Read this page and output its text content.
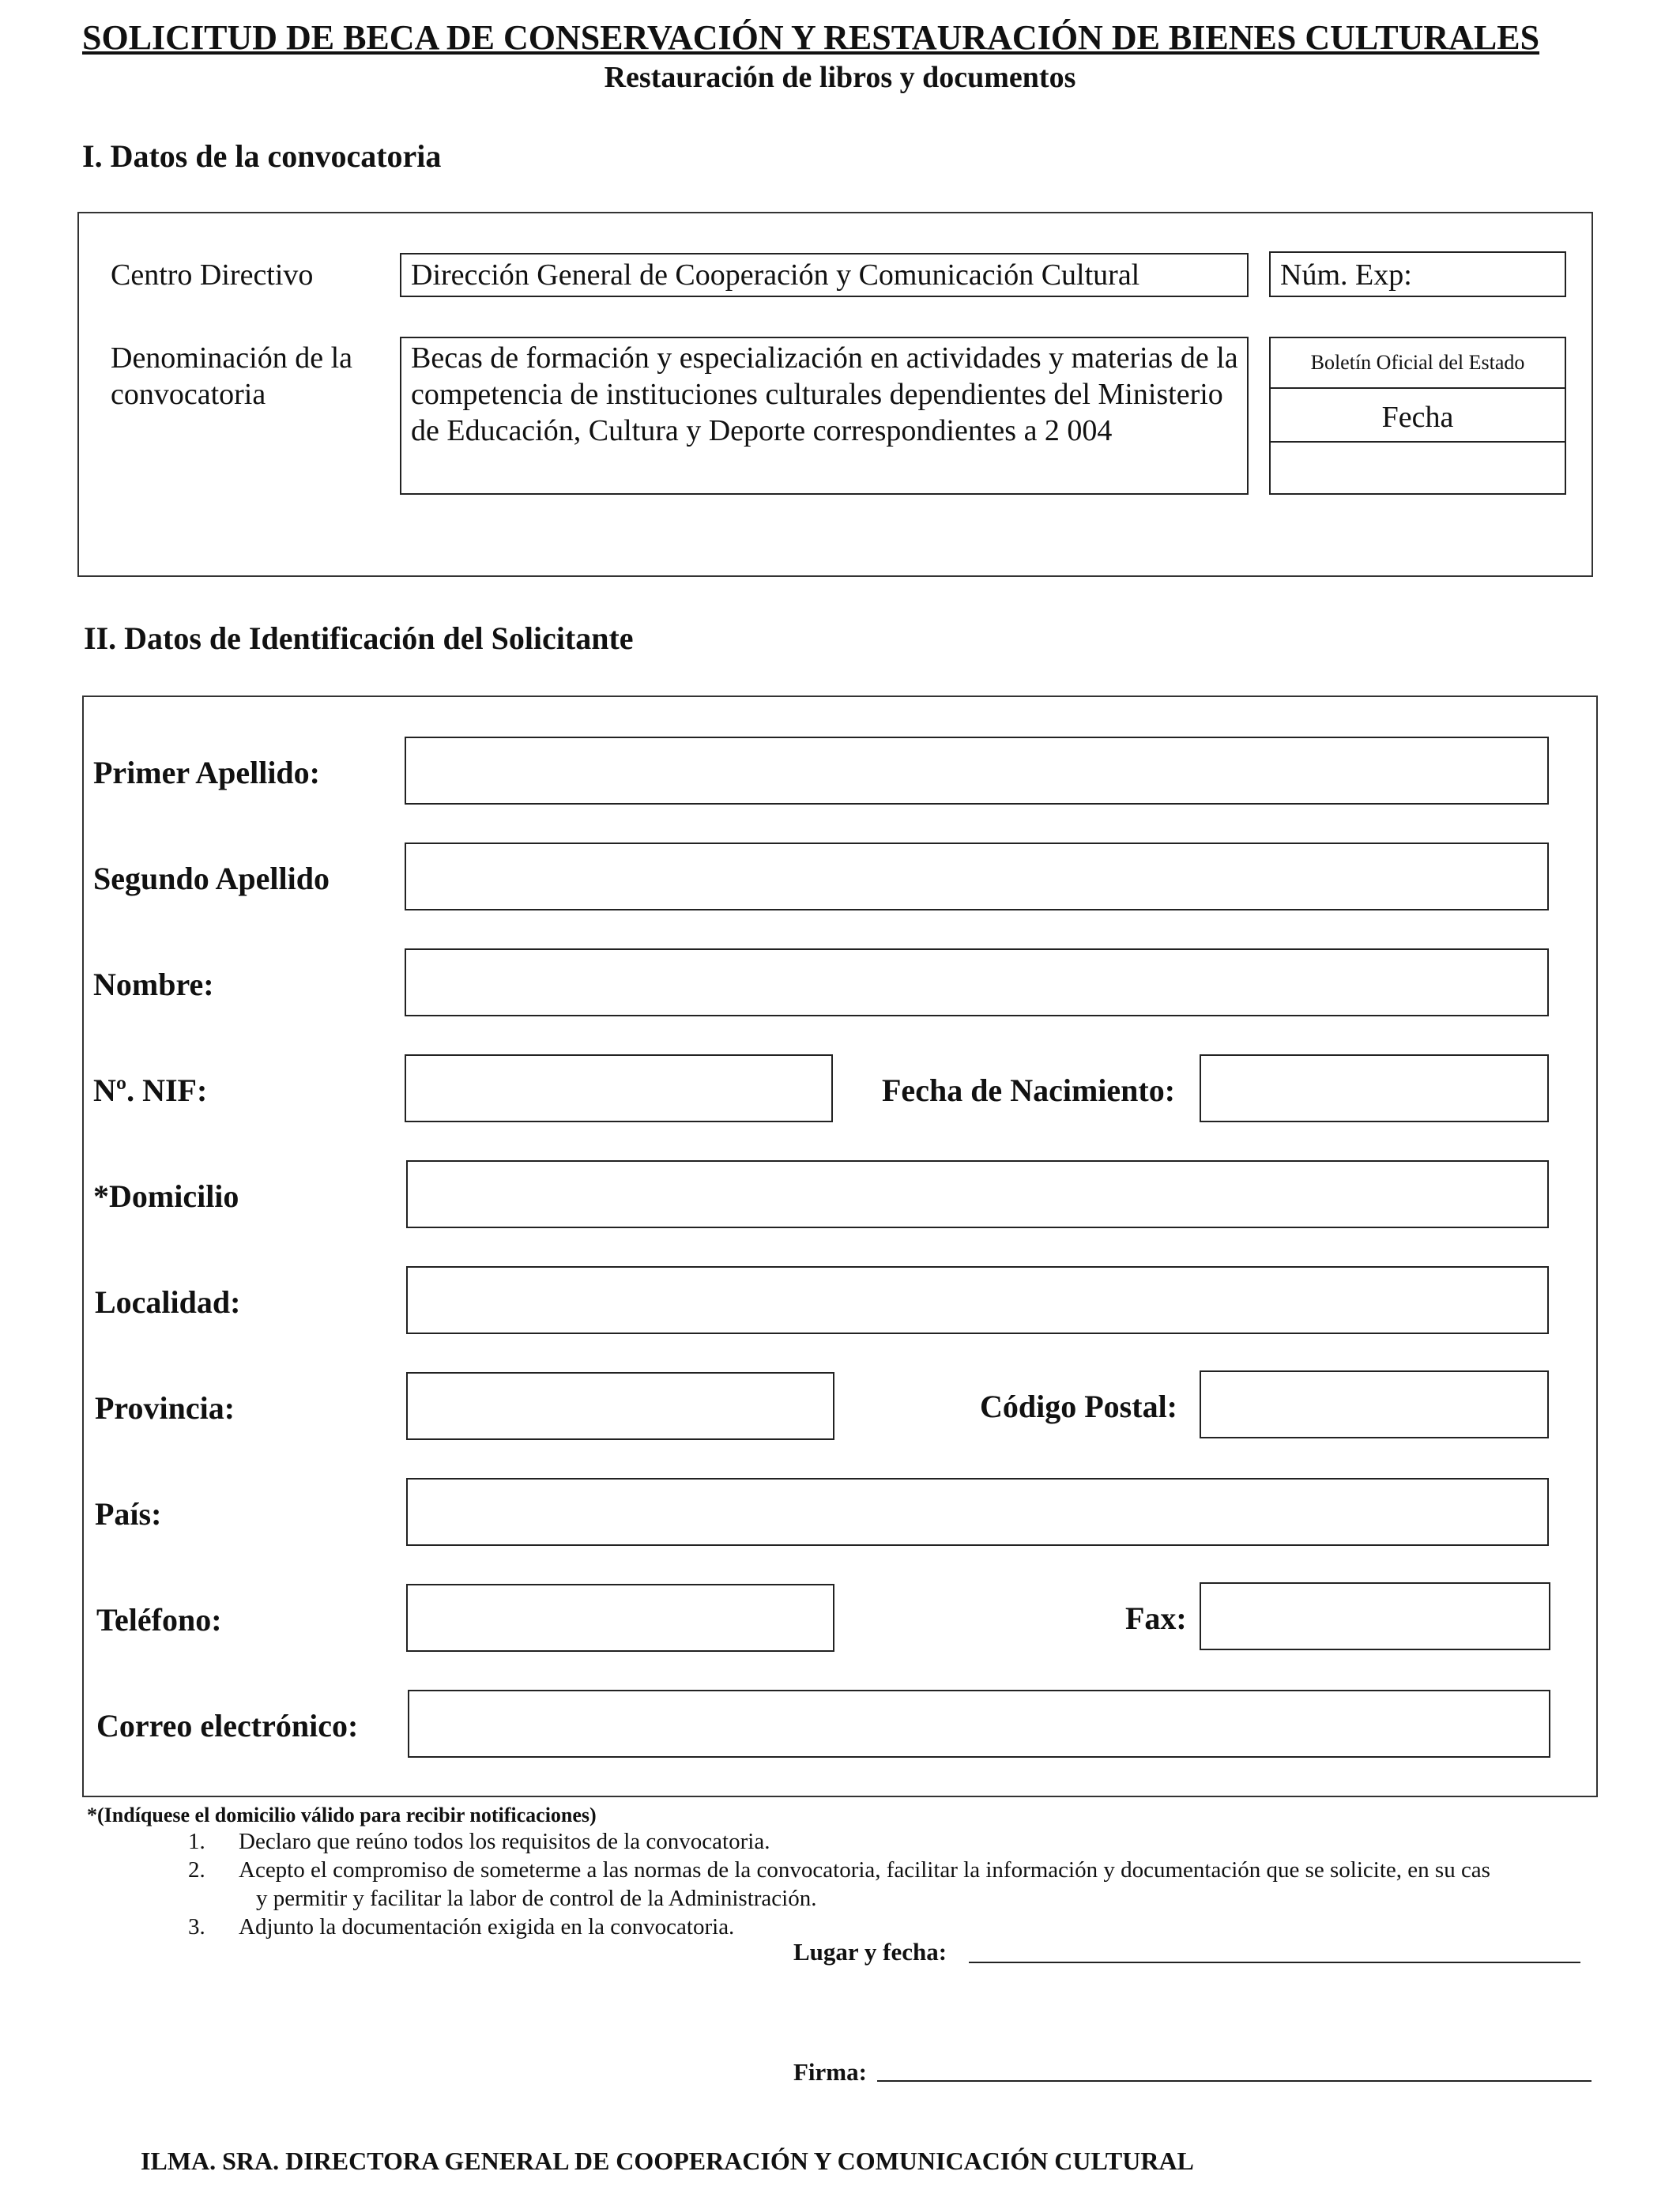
SOLICITUD DE BECA DE CONSERVACIÓN Y RESTAURACIÓN DE BIENES CULTURALES
Restauración de libros y documentos
I. Datos de la convocatoria
Centro Directivo	Dirección General de Cooperación y Comunicación Cultural	Núm. Exp:
Denominación de la
convocatoria
Becas de formación y especialización en actividades y materias de la
competencia de instituciones culturales dependientes del Ministerio
de Educación, Cultura y Deporte correspondientes a 2 004
Boletín Oficial del Estado
Fecha
II. Datos de Identificación del Solicitante
Primer Apellido:
Segundo Apellido
Nombre:
Nº. NIF:	Fecha de Nacimiento:
*Domicilio
Localidad:
Provincia:	Código Postal:
País:
Teléfono:	Fax:
Correo electrónico:
*(Indíquese el domicilio válido para recibir notificaciones)
1. Declaro que reúno todos los requisitos de la convocatoria.
2. Acepto el compromiso de someterme a las normas de la convocatoria, facilitar la información y documentación que se solicite, en su cas
y permitir y facilitar la labor de control de la Administración.

3. Adjunto la documentación exigida en la convocatoria.
Lugar y fecha:
Firma:
ILMA. SRA. DIRECTORA GENERAL DE COOPERACIÓN Y COMUNICACIÓN CULTURAL
